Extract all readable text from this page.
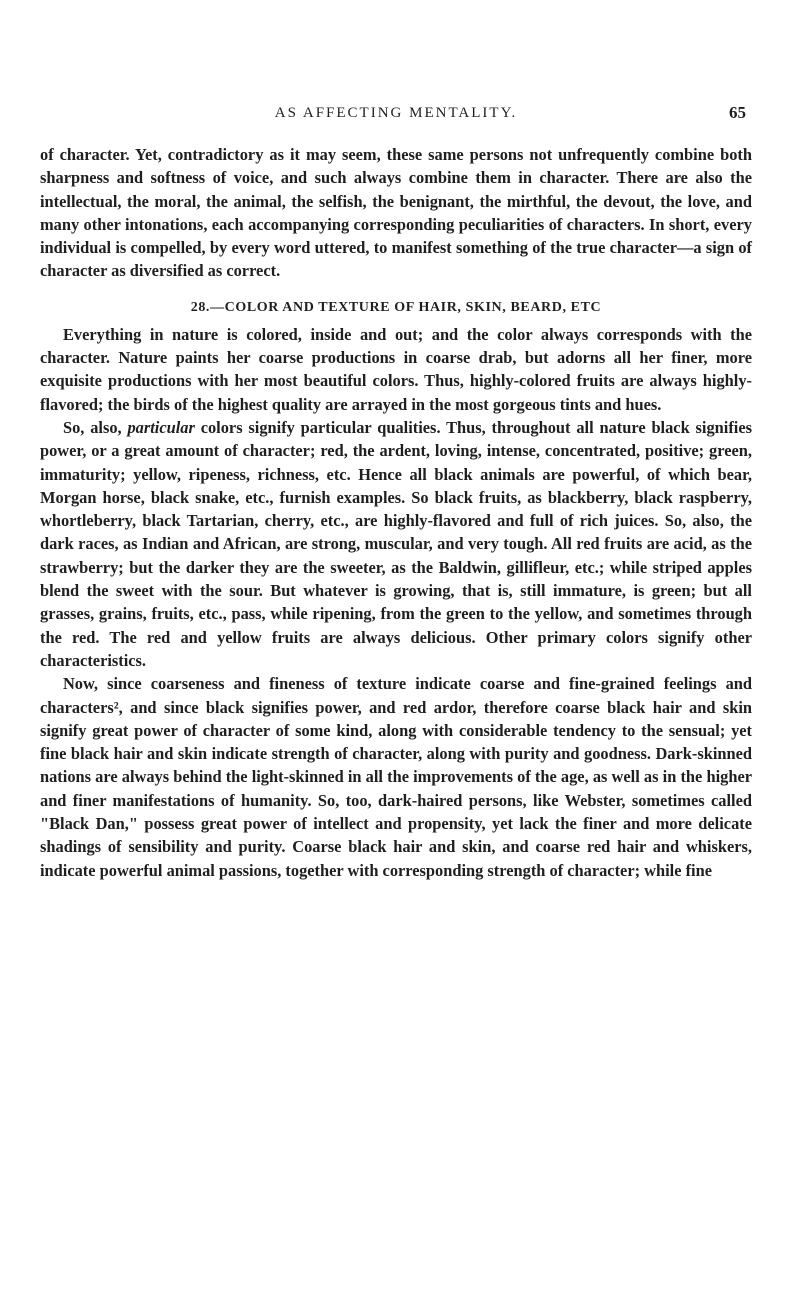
AS AFFECTING MENTALITY.	65

of character. Yet, contradictory as it may seem, these same persons not unfrequently combine both sharpness and softness of voice, and such always combine them in character. There are also the intellectual, the moral, the animal, the selfish, the benignant, the mirthful, the devout, the love, and many other intonations, each accompanying corresponding peculiarities of characters. In short, every individual is compelled, by every word uttered, to manifest something of the true character—a sign of character as diversified as correct.

28.—COLOR AND TEXTURE OF HAIR, SKIN, BEARD, ETC

Everything in nature is colored, inside and out; and the color always corresponds with the character. Nature paints her coarse productions in coarse drab, but adorns all her finer, more exquisite productions with her most beautiful colors. Thus, highly-colored fruits are always highly-flavored; the birds of the highest quality are arrayed in the most gorgeous tints and hues.

So, also, particular colors signify particular qualities. Thus, throughout all nature black signifies power, or a great amount of character; red, the ardent, loving, intense, concentrated, positive; green, immaturity; yellow, ripeness, richness, etc. Hence all black animals are powerful, of which bear, Morgan horse, black snake, etc., furnish examples. So black fruits, as blackberry, black raspberry, whortleberry, black Tartarian, cherry, etc., are highly-flavored and full of rich juices. So, also, the dark races, as Indian and African, are strong, muscular, and very tough. All red fruits are acid, as the strawberry; but the darker they are the sweeter, as the Baldwin, gillifleur, etc.; while striped apples blend the sweet with the sour. But whatever is growing, that is, still immature, is green; but all grasses, grains, fruits, etc., pass, while ripening, from the green to the yellow, and sometimes through the red. The red and yellow fruits are always delicious. Other primary colors signify other characteristics.

Now, since coarseness and fineness of texture indicate coarse and fine-grained feelings and characters², and since black signifies power, and red ardor, therefore coarse black hair and skin signify great power of character of some kind, along with considerable tendency to the sensual; yet fine black hair and skin indicate strength of character, along with purity and goodness. Dark-skinned nations are always behind the light-skinned in all the improvements of the age, as well as in the higher and finer manifestations of humanity. So, too, dark-haired persons, like Webster, sometimes called "Black Dan," possess great power of intellect and propensity, yet lack the finer and more delicate shadings of sensibility and purity. Coarse black hair and skin, and coarse red hair and whiskers, indicate powerful animal passions, together with corresponding strength of character; while fine
